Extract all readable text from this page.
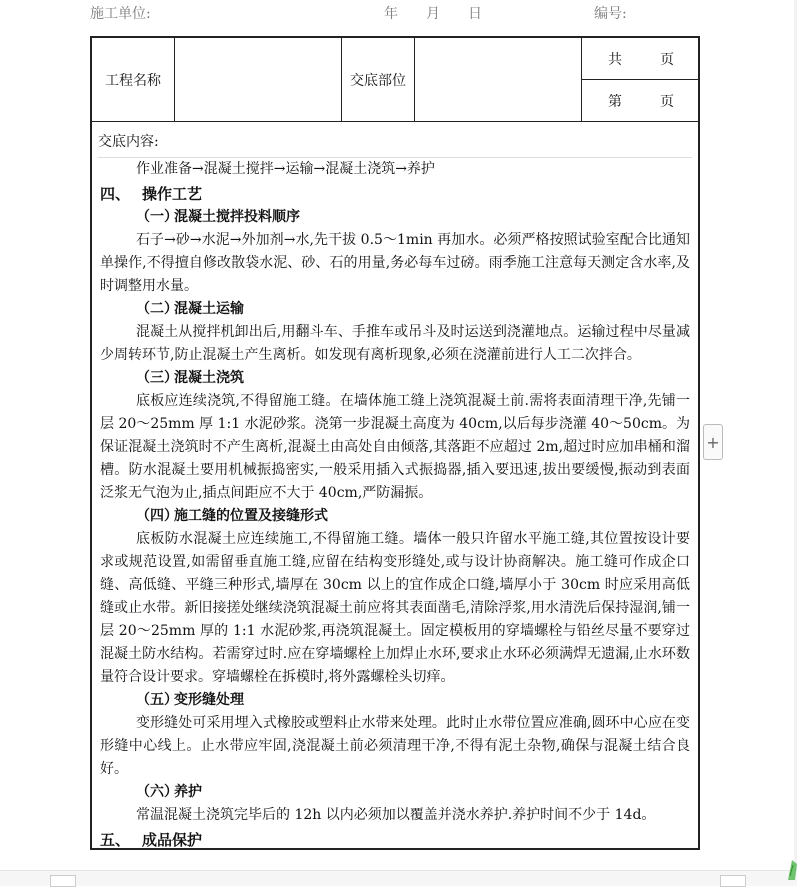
施工单位:	年 月 日	编号:
工程名称	交底部位
共	页
第	页
交底内容:
作业准备→混凝土搅拌→运输→混凝土浇筑→养护
四、 操作工艺
（一）混凝土搅拌投料顺序
石子→砂→水泥→外加剂→水,先干拔 0.5～1min 再加水。必须严格按照试验室配合比通知单操作,不得擅自修改散袋水泥、砂、石的用量,务必每车过磅。雨季施工注意每天测定含水率,及时调整用水量。
（二）混凝土运输
混凝土从搅拌机卸出后,用翻斗车、手推车或吊斗及时运送到浇灌地点。运输过程中尽量减少周转环节,防止混凝土产生离析。如发现有离析现象,必须在浇灌前进行人工二次拌合。
（三）混凝土浇筑
底板应连续浇筑,不得留施工缝。在墙体施工缝上浇筑混凝土前.需将表面清理干净,先铺一层 20～25mm 厚 1:1 水泥砂浆。浇第一步混凝土高度为 40cm,以后每步浇灌 40～50cm。为保证混凝土浇筑时不产生离析,混凝土由高处自由倾落,其落距不应超过 2m,超过时应加串桶和溜槽。防水混凝土要用机械振捣密实,一般采用插入式振捣器,插入要迅速,拔出要缓慢,振动到表面泛浆无气泡为止,插点间距应不大于 40cm,严防漏振。
（四）施工缝的位置及接缝形式
底板防水混凝土应连续施工,不得留施工缝。墙体一般只许留水平施工缝,其位置按设计要求或规范设置,如需留垂直施工缝,应留在结构变形缝处,或与设计协商解决。施工缝可作成企口缝、高低缝、平缝三种形式,墙厚在 30cm 以上的宜作成企口缝,墙厚小于 30cm 时应采用高低缝或止水带。新旧接搓处继续浇筑混凝土前应将其表面凿毛,清除浮浆,用水清洗后保持湿润,铺一层 20～25mm 厚的 1:1 水泥砂浆,再浇筑混凝土。固定模板用的穿墙螺栓与铅丝尽量不要穿过混凝土防水结构。若需穿过时.应在穿墙螺栓上加焊止水环,要求止水环必须满焊无遗漏,止水环数量符合设计要求。穿墙螺栓在拆模时,将外露螺栓头切痒。
（五）变形缝处理
变形缝处可采用埋入式橡胶或塑料止水带来处理。此时止水带位置应准确,圆环中心应在变形缝中心线上。止水带应牢固,浇混凝土前必须清理干净,不得有泥土杂物,确保与混凝土结合良好。
（六）养护
常温混凝土浇筑完毕后的 12h 以内必须加以覆盖并浇水养护.养护时间不少于 14d。
五、 成品保护
+
